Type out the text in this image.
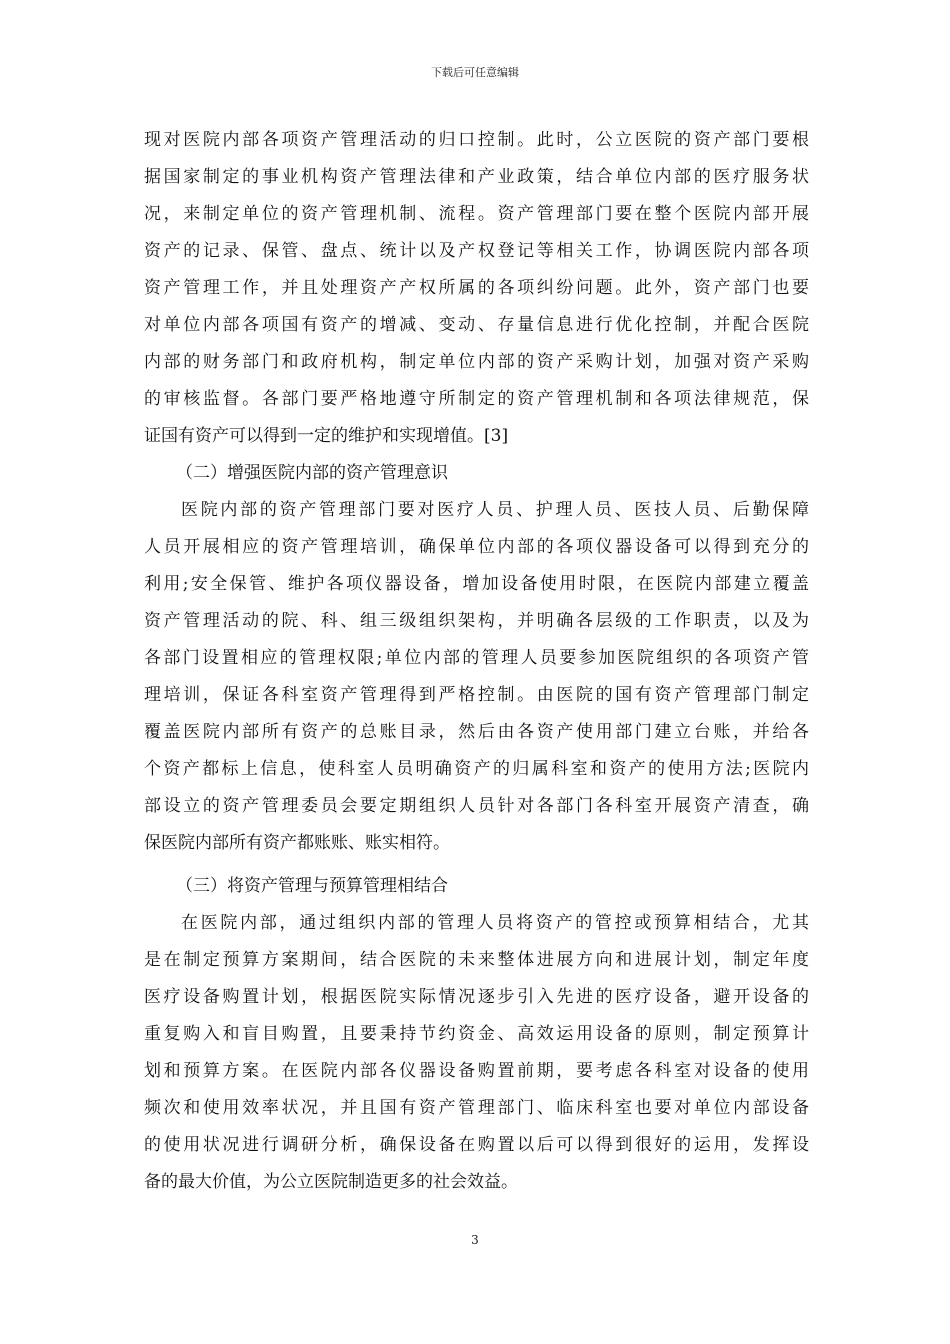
下载后可任意编辑
现对医院内部各项资产管理活动的归口控制。此时，公立医院的资产部门要根
据国家制定的事业机构资产管理法律和产业政策，结合单位内部的医疗服务状
况，来制定单位的资产管理机制、流程。资产管理部门要在整个医院内部开展
资产的记录、保管、盘点、统计以及产权登记等相关工作，协调医院内部各项
资产管理工作，并且处理资产产权所属的各项纠纷问题。此外，资产部门也要
对单位内部各项国有资产的增减、变动、存量信息进行优化控制，并配合医院
内部的财务部门和政府机构，制定单位内部的资产采购计划，加强对资产采购
的审核监督。各部门要严格地遵守所制定的资产管理机制和各项法律规范，保
证国有资产可以得到一定的维护和实现增值。[3]
（二）增强医院内部的资产管理意识
医院内部的资产管理部门要对医疗人员、护理人员、医技人员、后勤保障
人员开展相应的资产管理培训，确保单位内部的各项仪器设备可以得到充分的
利用;安全保管、维护各项仪器设备，增加设备使用时限，在医院内部建立覆盖
资产管理活动的院、科、组三级组织架构，并明确各层级的工作职责，以及为
各部门设置相应的管理权限;单位内部的管理人员要参加医院组织的各项资产管
理培训，保证各科室资产管理得到严格控制。由医院的国有资产管理部门制定
覆盖医院内部所有资产的总账目录，然后由各资产使用部门建立台账，并给各
个资产都标上信息，使科室人员明确资产的归属科室和资产的使用方法;医院内
部设立的资产管理委员会要定期组织人员针对各部门各科室开展资产清查，确
保医院内部所有资产都账账、账实相符。
（三）将资产管理与预算管理相结合
在医院内部，通过组织内部的管理人员将资产的管控或预算相结合，尤其
是在制定预算方案期间，结合医院的未来整体进展方向和进展计划，制定年度
医疗设备购置计划，根据医院实际情况逐步引入先进的医疗设备，避开设备的
重复购入和盲目购置，且要秉持节约资金、高效运用设备的原则，制定预算计
划和预算方案。在医院内部各仪器设备购置前期，要考虑各科室对设备的使用
频次和使用效率状况，并且国有资产管理部门、临床科室也要对单位内部设备
的使用状况进行调研分析，确保设备在购置以后可以得到很好的运用，发挥设
备的最大价值，为公立医院制造更多的社会效益。
3
